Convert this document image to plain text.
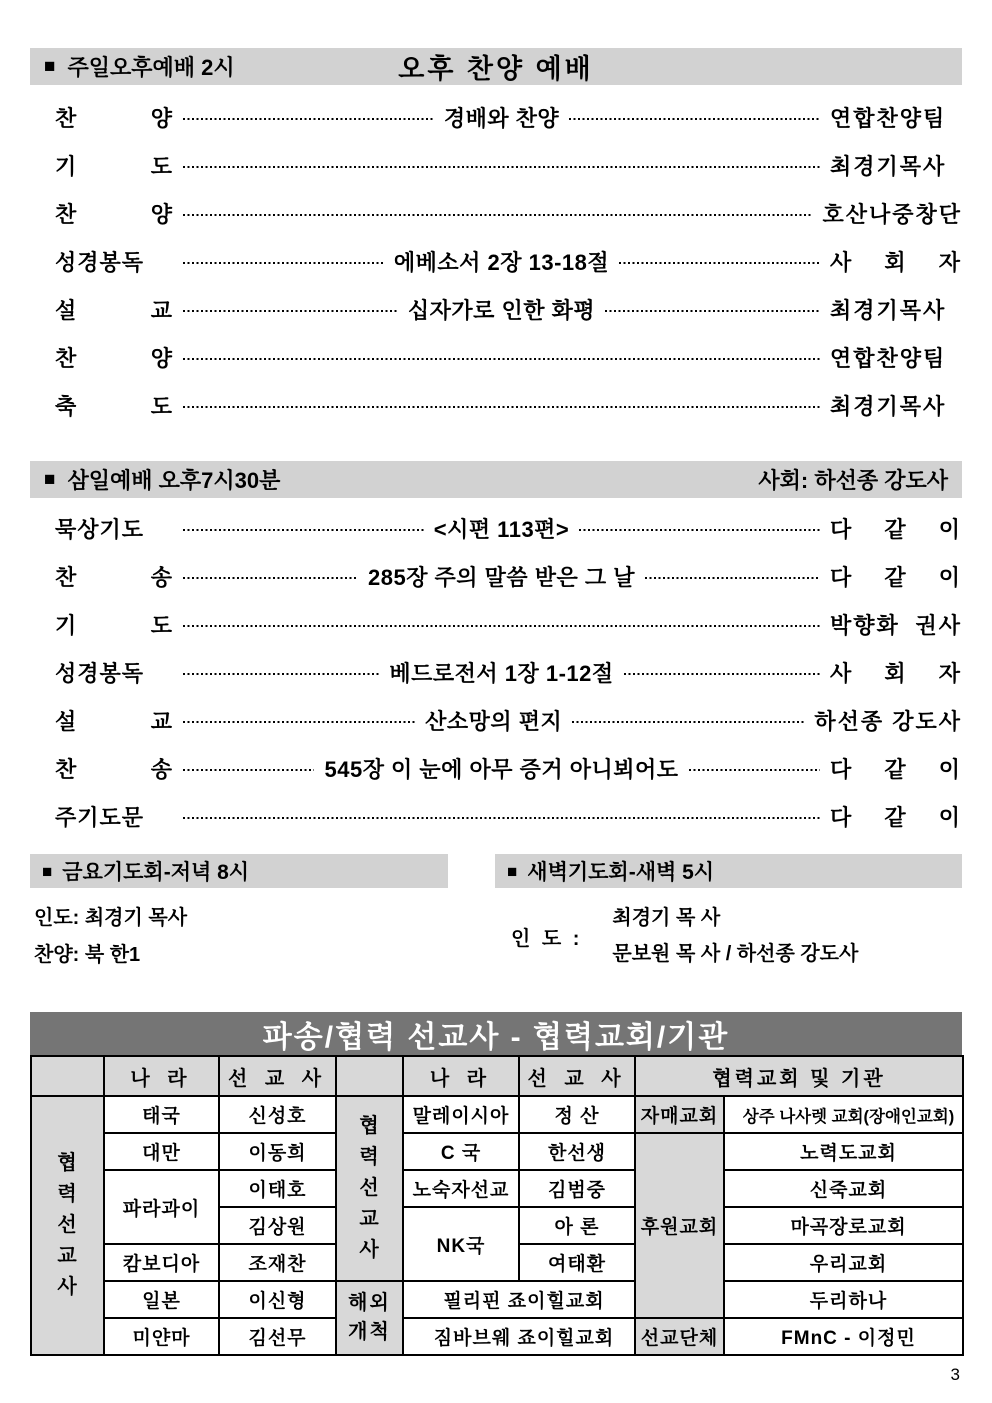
■ 주일오후예배 2시	오후 찬양 예배
찬 양	경배와 찬양	연합찬양팀
기 도	최경기목사
찬 양	호산나중창단
성경봉독	에베소서 2장 13-18절	사 회 자
설 교	십자가로 인한 화평	최경기목사
찬 양	연합찬양팀
축 도	최경기목사
■ 삼일예배 오후7시30분	사회: 하선종 강도사
묵상기도	<시편 113편>	다 같 이
찬 송	285장 주의 말씀 받은 그 날	다 같 이
기 도	박향화 권사
성경봉독	베드로전서 1장 1-12절	사 회 자
설 교	산소망의 편지	하선종 강도사
찬 송	545장 이 눈에 아무 증거 아니뵈어도	다 같 이
주기도문	다 같 이
■ 금요기도회-저녁 8시
인도: 최경기 목사
찬양: 북 한1
■ 새벽기도회-새벽 5시
인 도 :
최경기 목 사
문보원 목 사 / 하선종 강도사
파송/협력 선교사 - 협력교회/기관
	나 라	선 교 사		나 라	선 교 사	협력교회 및 기관	

협력선교사	태국	신성호	협력선교사	말레이시아	정 산	자매교회	상주 나사렛 교회(장애인교회)
	대만	이동희		C 국	한선생	후원교회	노력도교회
	파라과이	이태호		노숙자선교	김범중		신죽교회
		김상원		NK국	아 론		마곡장로교회
	캄보디아	조재찬			여태환		우리교회
	일본	이신형	해외개척	필리핀 죠이힐교회			두리하나
	미얀마	김선무		짐바브웨 죠이힐교회		선교단체	FMnC - 이정민
3
